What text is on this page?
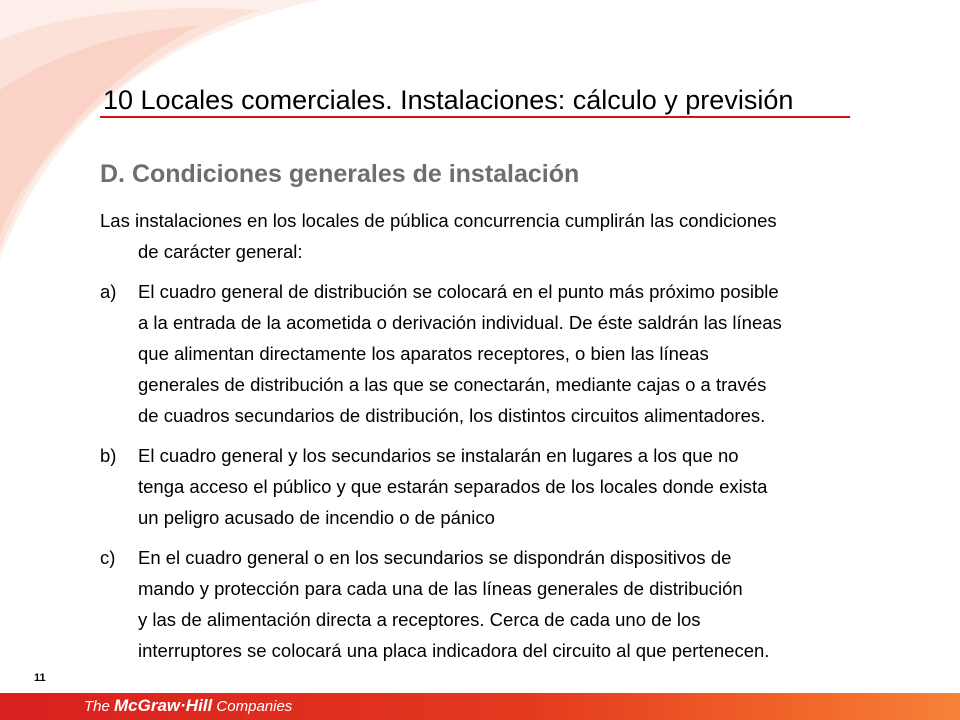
10 Locales comerciales. Instalaciones: cálculo y previsión
D. Condiciones generales de instalación

Las instalaciones en los locales de pública concurrencia cumplirán las condiciones
de carácter general:

a)	El cuadro general de distribución se colocará en el punto más próximo posible
a la entrada de la acometida o derivación individual. De éste saldrán las líneas
que alimentan directamente los aparatos receptores, o bien las líneas
generales de distribución a las que se conectarán, mediante cajas o a través
de cuadros secundarios de distribución, los distintos circuitos alimentadores.

b)	El cuadro general y los secundarios se instalarán en lugares a los que no
tenga acceso el público y que estarán separados de los locales donde exista
un peligro acusado de incendio o de pánico

c)	En el cuadro general o en los secundarios se dispondrán dispositivos de
mando y protección para cada una de las líneas generales de distribución
y las de alimentación directa a receptores. Cerca de cada uno de los
interruptores se colocará una placa indicadora del circuito al que pertenecen.

11
The McGraw·Hill Companies
